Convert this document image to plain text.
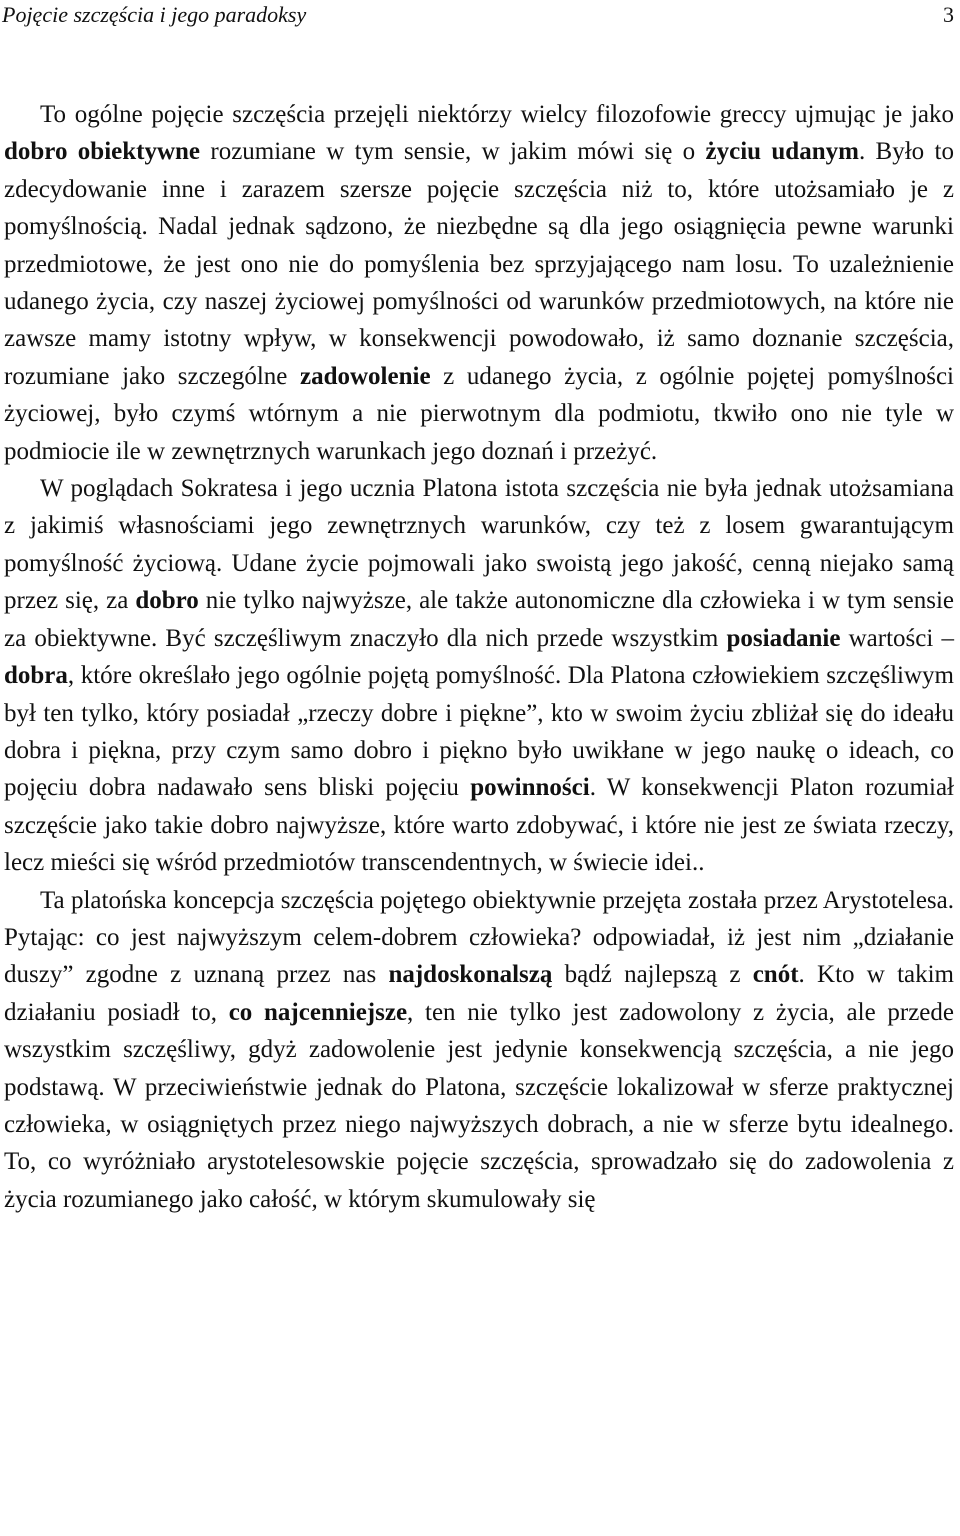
Pojęcie szczęścia i jego paradoksy	3

To ogólne pojęcie szczęścia przejęli niektórzy wielcy filozofowie greccy ujmując je jako dobro obiektywne rozumiane w tym sensie, w jakim mówi się o życiu udanym. Było to zdecydowanie inne i zarazem szersze pojęcie szczęścia niż to, które utożsamiało je z pomyślnością. Nadal jednak sądzono, że niezbędne są dla jego osiągnięcia pewne warunki przedmiotowe, że jest ono nie do pomyślenia bez sprzyjającego nam losu. To uzależnienie udanego życia, czy naszej życiowej pomyślności od warunków przedmiotowych, na które nie zawsze mamy istotny wpływ, w konsekwencji powodowało, iż samo doznanie szczęścia, rozumiane jako szczególne zadowolenie z udanego życia, z ogólnie pojętej pomyślności życiowej, było czymś wtórnym a nie pierwotnym dla podmiotu, tkwiło ono nie tyle w podmiocie ile w zewnętrznych warunkach jego doznań i przeżyć.

W poglądach Sokratesa i jego ucznia Platona istota szczęścia nie była jednak utożsamiana z jakimiś własnościami jego zewnętrznych warunków, czy też z losem gwarantującym pomyślność życiową. Udane życie pojmowali jako swoistą jego jakość, cenną niejako samą przez się, za dobro nie tylko najwyższe, ale także autonomiczne dla człowieka i w tym sensie za obiektywne. Być szczęśliwym znaczyło dla nich przede wszystkim posiadanie wartości – dobra, które określało jego ogólnie pojętą pomyślność. Dla Platona człowiekiem szczęśliwym był ten tylko, który posiadał „rzeczy dobre i piękne”, kto w swoim życiu zbliżał się do ideału dobra i piękna, przy czym samo dobro i piękno było uwikłane w jego naukę o ideach, co pojęciu dobra nadawało sens bliski pojęciu powinności. W konsekwencji Platon rozumiał szczęście jako takie dobro najwyższe, które warto zdobywać, i które nie jest ze świata rzeczy, lecz mieści się wśród przedmiotów transcendentnych, w świecie idei..

Ta platońska koncepcja szczęścia pojętego obiektywnie przejęta została przez Arystotelesa. Pytając: co jest najwyższym celem-dobrem człowieka? odpowiadał, iż jest nim „działanie duszy” zgodne z uznaną przez nas najdoskonalszą bądź najlepszą z cnót. Kto w takim działaniu posiadł to, co najcenniejsze, ten nie tylko jest zadowolony z życia, ale przede wszystkim szczęśliwy, gdyż zadowolenie jest jedynie konsekwencją szczęścia, a nie jego podstawą. W przeciwieństwie jednak do Platona, szczęście lokalizował w sferze praktycznej człowieka, w osiągniętych przez niego najwyższych dobrach, a nie w sferze bytu idealnego. To, co wyróżniało arystotelesowskie pojęcie szczęścia, sprowadzało się do zadowolenia z życia rozumianego jako całość, w którym skumulowały się
